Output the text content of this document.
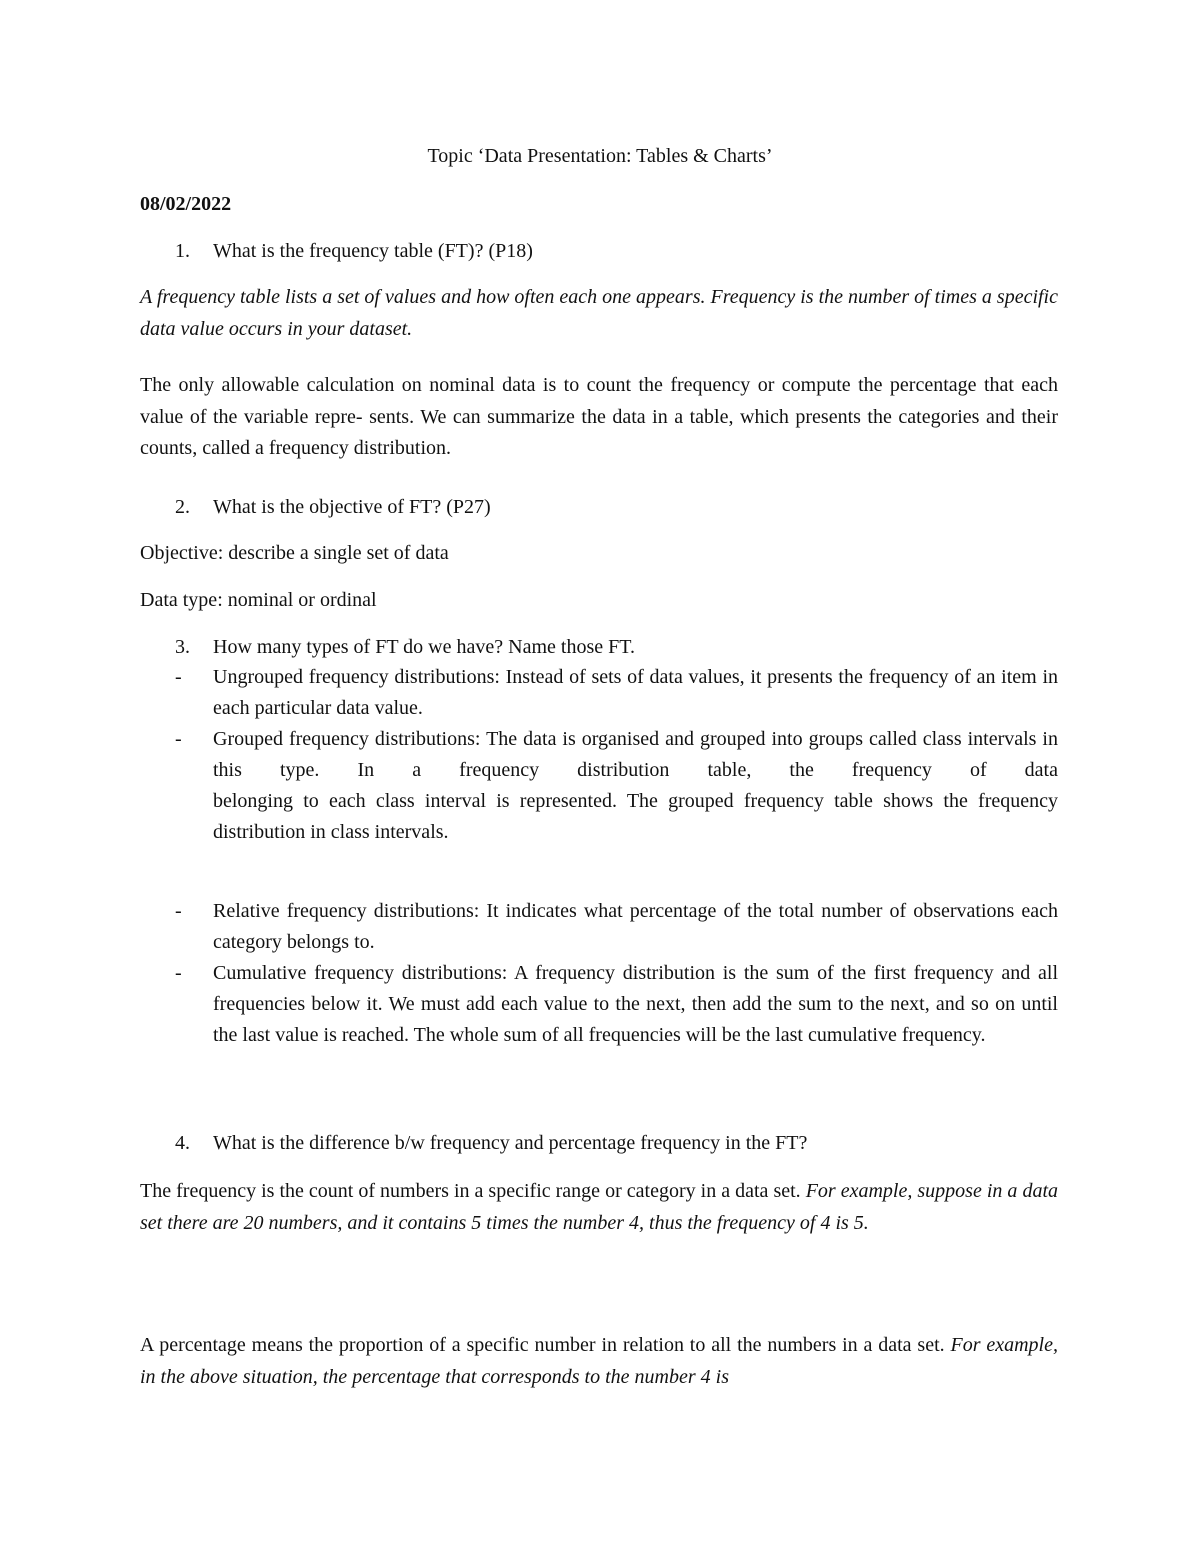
Topic ‘Data Presentation: Tables & Charts’
08/02/2022
1. What is the frequency table (FT)? (P18)
A frequency table lists a set of values and how often each one appears. Frequency is the number of times a specific data value occurs in your dataset.
The only allowable calculation on nominal data is to count the frequency or compute the percentage that each value of the variable repre- sents. We can summarize the data in a table, which presents the categories and their counts, called a frequency distribution.
2. What is the objective of FT? (P27)
Objective: describe a single set of data
Data type: nominal or ordinal
3. How many types of FT do we have? Name those FT.
- Ungrouped frequency distributions: Instead of sets of data values, it presents the frequency of an item in each particular data value.
- Grouped frequency distributions: The data is organised and grouped into groups called class intervals in this type. In a frequency distribution table, the frequency of data

belonging to each class interval is represented. The grouped frequency table shows the frequency distribution in class intervals.

- Relative frequency distributions: It indicates what percentage of the total number of observations each category belongs to.
- Cumulative frequency distributions: A frequency distribution is the sum of the first frequency and all frequencies below it. We must add each value to the next, then add the sum to the next, and so on until the last value is reached. The whole sum of all frequencies will be the last cumulative frequency.
4. What is the difference b/w frequency and percentage frequency in the FT?
The frequency is the count of numbers in a specific range or category in a data set. For example, suppose in a data set there are 20 numbers, and it contains 5 times the number 4, thus the frequency of 4 is 5.
A percentage means the proportion of a specific number in relation to all the numbers in a data set. For example, in the above situation, the percentage that corresponds to the number 4 is
